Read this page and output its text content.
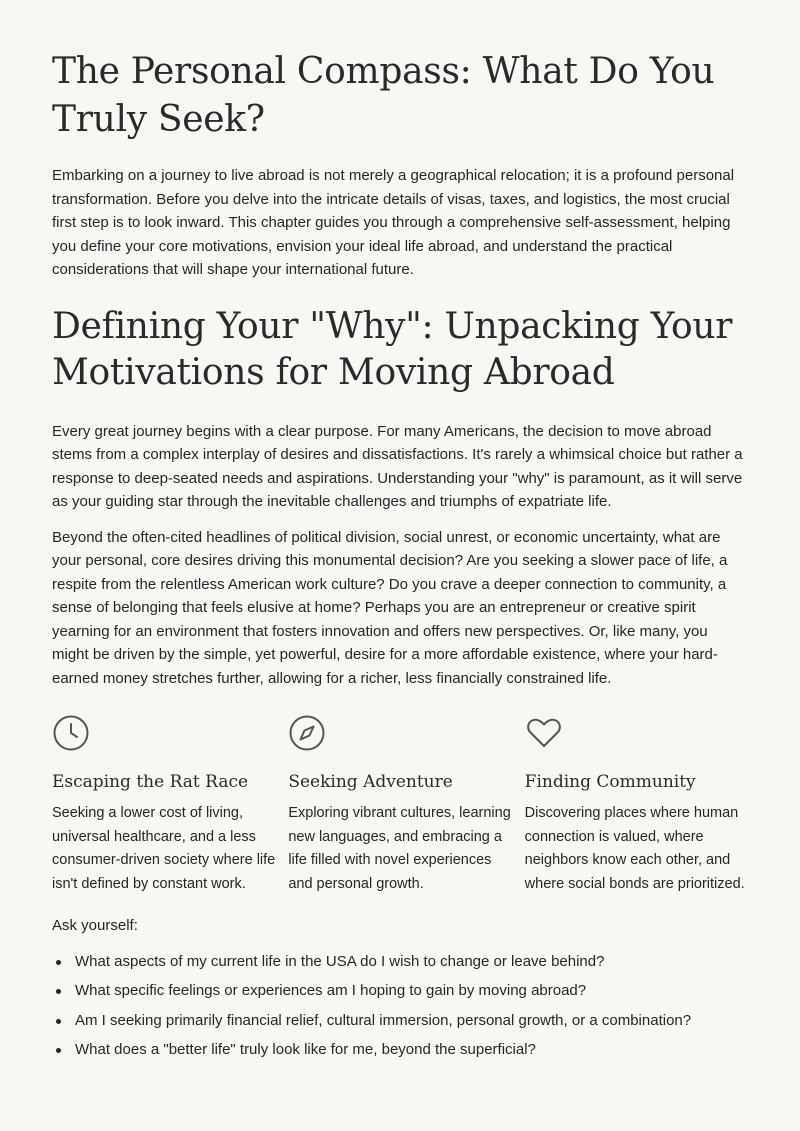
The Personal Compass: What Do You Truly Seek?

Embarking on a journey to live abroad is not merely a geographical relocation; it is a profound personal transformation. Before you delve into the intricate details of visas, taxes, and logistics, the most crucial first step is to look inward. This chapter guides you through a comprehensive self-assessment, helping you define your core motivations, envision your ideal life abroad, and understand the practical considerations that will shape your international future.

Defining Your "Why": Unpacking Your Motivations for Moving Abroad

Every great journey begins with a clear purpose. For many Americans, the decision to move abroad stems from a complex interplay of desires and dissatisfactions. It's rarely a whimsical choice but rather a response to deep-seated needs and aspirations. Understanding your "why" is paramount, as it will serve as your guiding star through the inevitable challenges and triumphs of expatriate life.

Beyond the often-cited headlines of political division, social unrest, or economic uncertainty, what are your personal, core desires driving this monumental decision? Are you seeking a slower pace of life, a respite from the relentless American work culture? Do you crave a deeper connection to community, a sense of belonging that feels elusive at home? Perhaps you are an entrepreneur or creative spirit yearning for an environment that fosters innovation and offers new perspectives. Or, like many, you might be driven by the simple, yet powerful, desire for a more affordable existence, where your hard-earned money stretches further, allowing for a richer, less financially constrained life.

Escaping the Rat Race
Seeking a lower cost of living, universal healthcare, and a less consumer-driven society where life isn't defined by constant work.
Seeking Adventure
Exploring vibrant cultures, learning new languages, and embracing a life filled with novel experiences and personal growth.
Finding Community
Discovering places where human connection is valued, where neighbors know each other, and where social bonds are prioritized.
Ask yourself:
What aspects of my current life in the USA do I wish to change or leave behind?
What specific feelings or experiences am I hoping to gain by moving abroad?
Am I seeking primarily financial relief, cultural immersion, personal growth, or a combination?
What does a "better life" truly look like for me, beyond the superficial?
